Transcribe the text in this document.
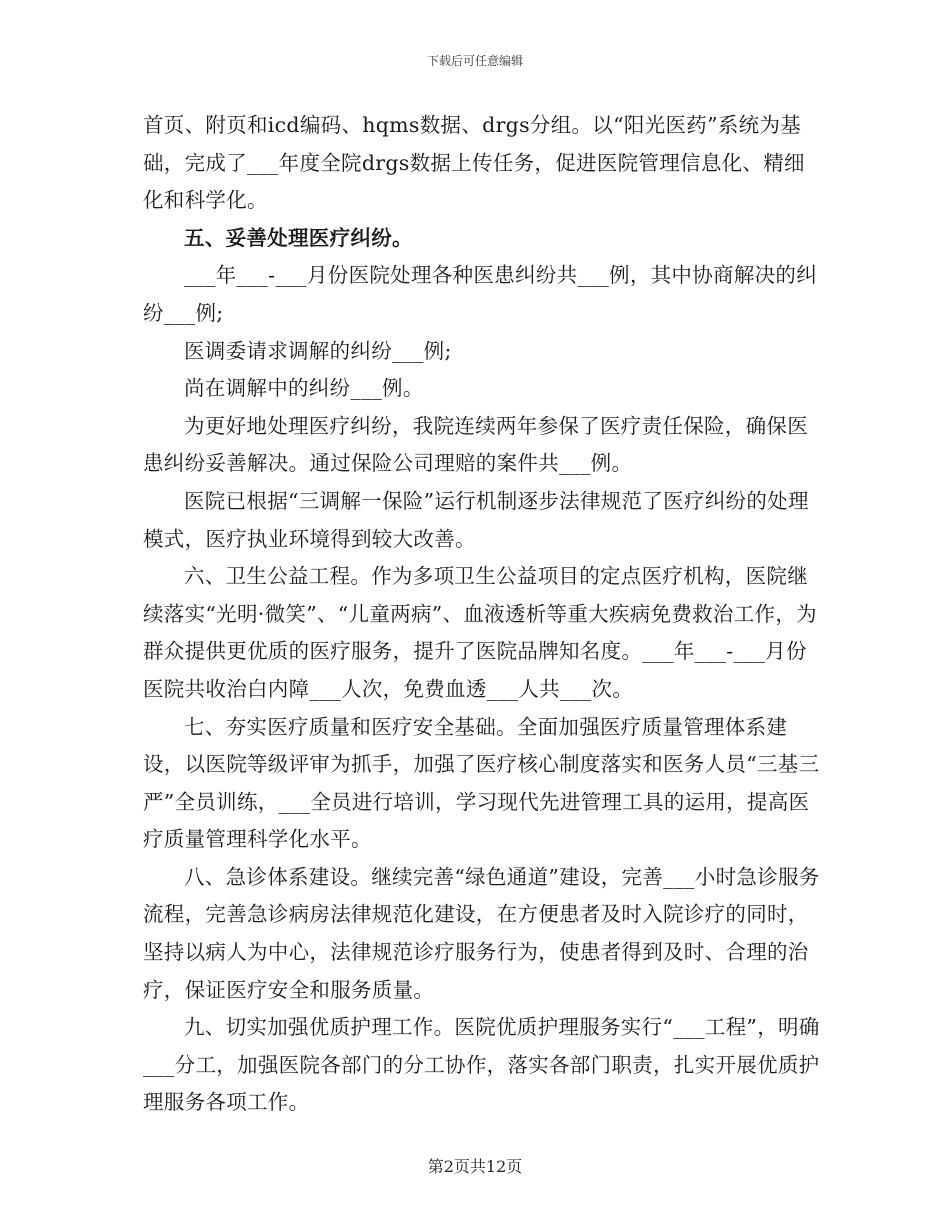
下载后可任意编辑

首页、附页和icd编码、hqms数据、drgs分组。以“阳光医药”系统为基础，完成了___年度全院drgs数据上传任务，促进医院管理信息化、精细化和科学化。

五、妥善处理医疗纠纷。

___年___-___月份医院处理各种医患纠纷共___例，其中协商解决的纠纷___例;

医调委请求调解的纠纷___例;

尚在调解中的纠纷___例。

为更好地处理医疗纠纷，我院连续两年参保了医疗责任保险，确保医患纠纷妥善解决。通过保险公司理赔的案件共___例。

医院已根据“三调解一保险”运行机制逐步法律规范了医疗纠纷的处理模式，医疗执业环境得到较大改善。

六、卫生公益工程。作为多项卫生公益项目的定点医疗机构，医院继续落实“光明·微笑”、“儿童两病”、血液透析等重大疾病免费救治工作，为群众提供更优质的医疗服务，提升了医院品牌知名度。___年___-___月份医院共收治白内障___人次，免费血透___人共___次。

七、夯实医疗质量和医疗安全基础。全面加强医疗质量管理体系建设，以医院等级评审为抓手，加强了医疗核心制度落实和医务人员“三基三严”全员训练，___全员进行培训，学习现代先进管理工具的运用，提高医疗质量管理科学化水平。

八、急诊体系建设。继续完善“绿色通道”建设，完善___小时急诊服务流程，完善急诊病房法律规范化建设，在方便患者及时入院诊疗的同时，坚持以病人为中心，法律规范诊疗服务行为，使患者得到及时、合理的治疗，保证医疗安全和服务质量。

九、切实加强优质护理工作。医院优质护理服务实行“___工程”，明确___分工，加强医院各部门的分工协作，落实各部门职责，扎实开展优质护理服务各项工作。

第2页共12页
